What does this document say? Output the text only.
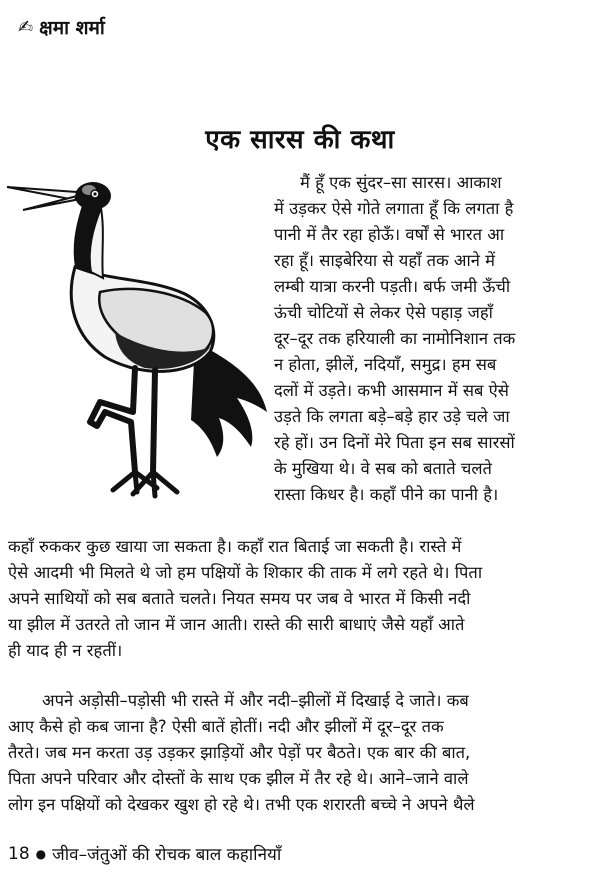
✍ क्षमा शर्मा
एक सारस की कथा
मैं हूँ एक सुंदर–सा सारस। आकाश
में उड़कर ऐसे गोते लगाता हूँ कि लगता है
पानी में तैर रहा होऊँ। वर्षों से भारत आ
रहा हूँ। साइबेरिया से यहाँ तक आने में
लम्बी यात्रा करनी पड़ती। बर्फ जमी ऊँची
ऊंची चोटियों से लेकर ऐसे पहाड़ जहाँ
दूर–दूर तक हरियाली का नामोनिशान तक
न होता, झीलें, नदियाँ, समुद्र। हम सब
दलों में उड़ते। कभी आसमान में सब ऐसे
उड़ते कि लगता बड़े–बड़े हार उड़े चले जा
रहे हों। उन दिनों मेरे पिता इन सब सारसों
के मुखिया थे। वे सब को बताते चलते
रास्ता किधर है। कहाँ पीने का पानी है।
कहाँ रुककर कुछ खाया जा सकता है। कहाँ रात बिताई जा सकती है। रास्ते में
ऐसे आदमी भी मिलते थे जो हम पक्षियों के शिकार की ताक में लगे रहते थे। पिता
अपने साथियों को सब बताते चलते। नियत समय पर जब वे भारत में किसी नदी
या झील में उतरते तो जान में जान आती। रास्ते की सारी बाधाएं जैसे यहाँ आते
ही याद ही न रहतीं।
अपने अड़ोसी–पड़ोसी भी रास्ते में और नदी–झीलों में दिखाई दे जाते। कब
आए कैसे हो कब जाना है? ऐसी बातें होतीं। नदी और झीलों में दूर–दूर तक
तैरते। जब मन करता उड़ उड़कर झाड़ियों और पेड़ों पर बैठते। एक बार की बात,
पिता अपने परिवार और दोस्तों के साथ एक झील में तैर रहे थे। आने–जाने वाले
लोग इन पक्षियों को देखकर खुश हो रहे थे। तभी एक शरारती बच्चे ने अपने थैले
18 ● जीव–जंतुओं की रोचक बाल कहानियाँ
